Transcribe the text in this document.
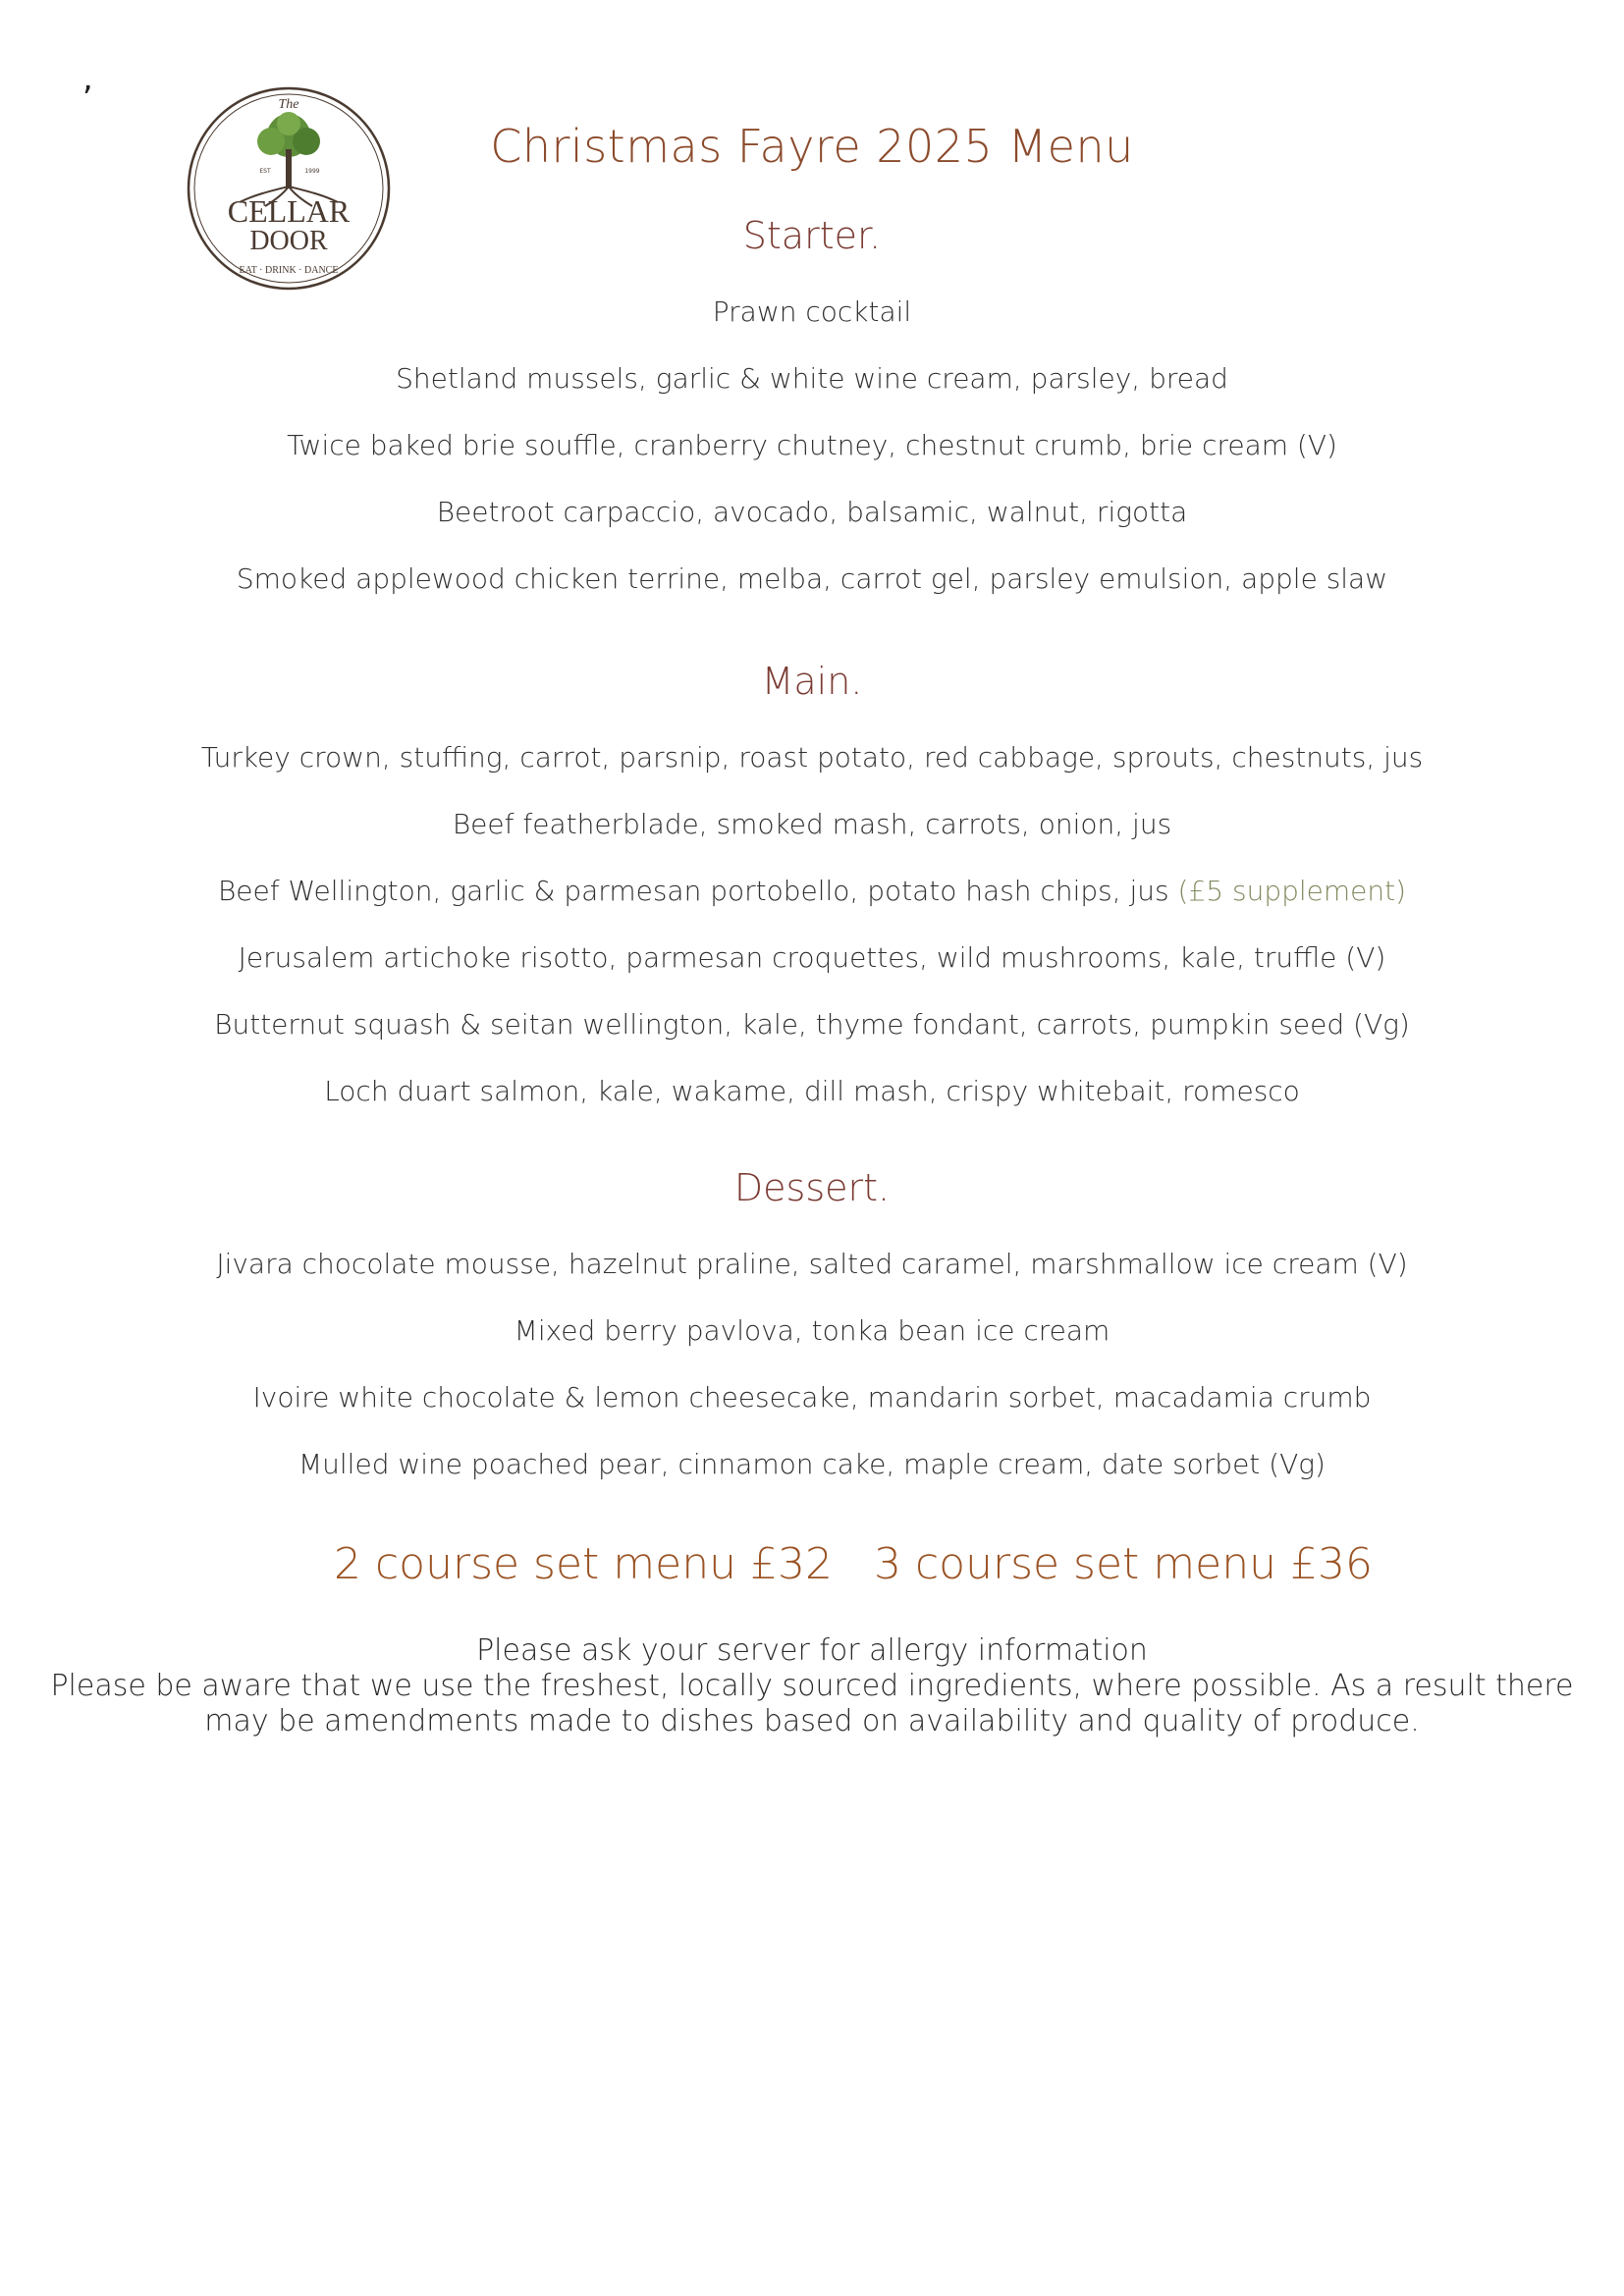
,
The
EST	1999
CELLAR
DOOR
EAT · DRINK · DANCE
Christmas Fayre 2025 Menu
Starter.
Prawn cocktail
Shetland mussels, garlic & white wine cream, parsley, bread
Twice baked brie souffle, cranberry chutney, chestnut crumb, brie cream (V)
Beetroot carpaccio, avocado, balsamic, walnut, rigotta
Smoked applewood chicken terrine, melba, carrot gel, parsley emulsion, apple slaw
Main.
Turkey crown, stuffing, carrot, parsnip, roast potato, red cabbage, sprouts, chestnuts, jus
Beef featherblade, smoked mash, carrots, onion, jus
Beef Wellington, garlic & parmesan portobello, potato hash chips, jus (£5 supplement)
Jerusalem artichoke risotto, parmesan croquettes, wild mushrooms, kale, truffle (V)
Butternut squash & seitan wellington, kale, thyme fondant, carrots, pumpkin seed (Vg)
Loch duart salmon, kale, wakame, dill mash, crispy whitebait, romesco
Dessert.
Jivara chocolate mousse, hazelnut praline, salted caramel, marshmallow ice cream (V)
Mixed berry pavlova, tonka bean ice cream
Ivoire white chocolate & lemon cheesecake, mandarin sorbet, macadamia crumb
Mulled wine poached pear, cinnamon cake, maple cream, date sorbet (Vg)
2 course set menu £32 3 course set menu £36
Please ask your server for allergy information
Please be aware that we use the freshest, locally sourced ingredients, where possible. As a result there
may be amendments made to dishes based on availability and quality of produce.
